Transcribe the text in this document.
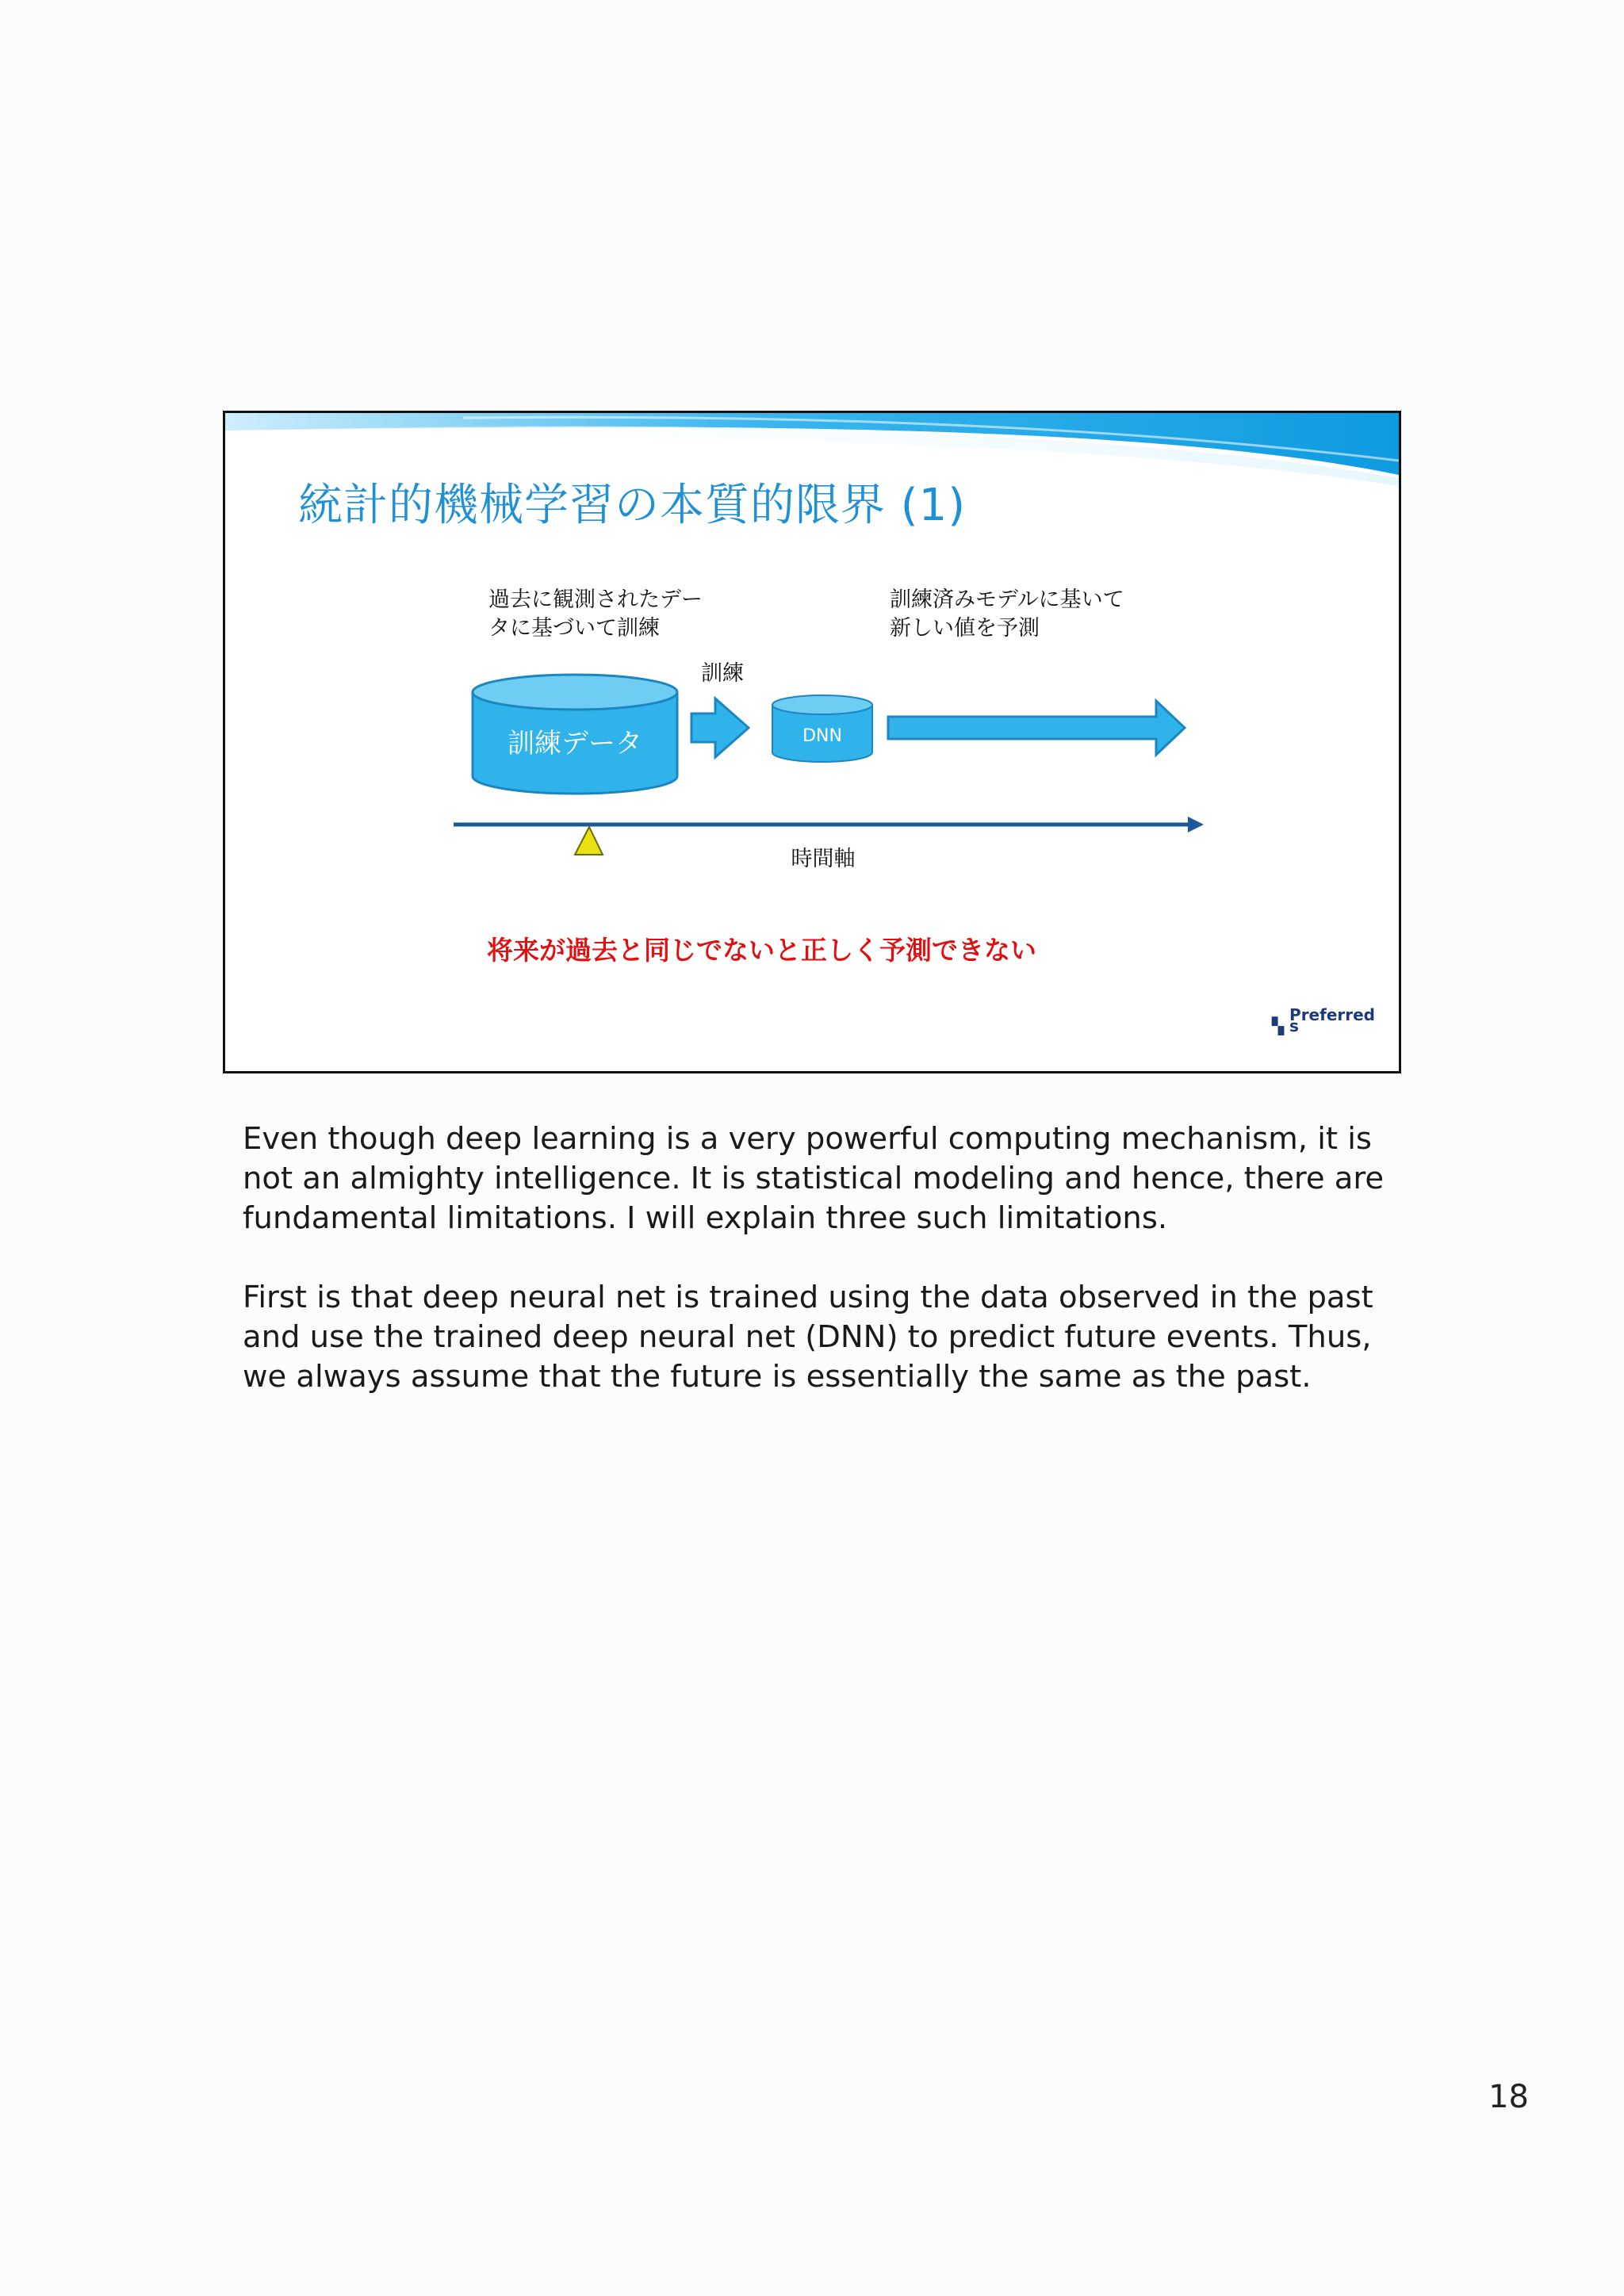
統計的機械学習の本質的限界 (1)
過去に観測されたデー
タに基づいて訓練
訓練済みモデルに基いて
新しい値を予測
訓練データ
訓練
DNN
時間軸
将来が過去と同じでないと正しく予測できない
▚ Preferred
s

Even though deep learning is a very powerful computing mechanism, it is not an almighty intelligence. It is statistical modeling and hence, there are fundamental limitations. I will explain three such limitations.

First is that deep neural net is trained using the data observed in the past and use the trained deep neural net (DNN) to predict future events. Thus, we always assume that the future is essentially the same as the past.

18
